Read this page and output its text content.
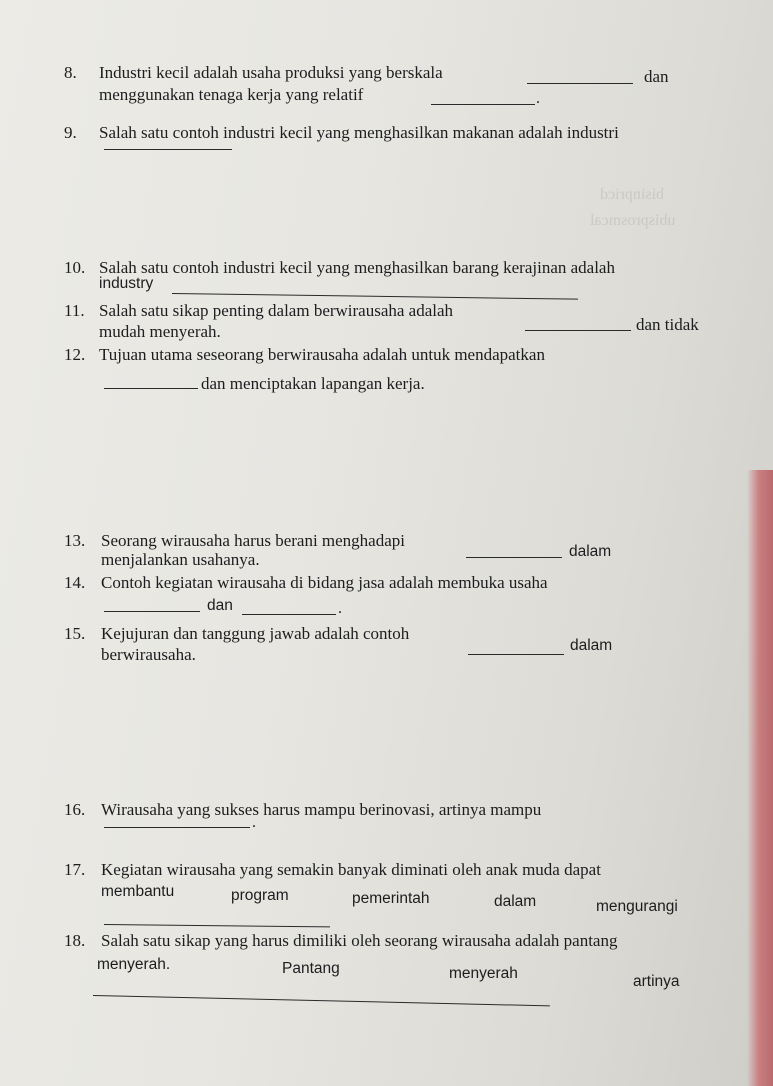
bisinpricd
ubisprosmcal
8. Industri kecil adalah usaha produksi yang berskala	dan
menggunakan tenaga kerja yang relatif	.
9. Salah satu contoh industri kecil yang menghasilkan makanan adalah industri
10. Salah satu contoh industri kecil yang menghasilkan barang kerajinan adalah
industry
11. Salah satu sikap penting dalam berwirausaha adalah
dan tidak
mudah menyerah.
12. Tujuan utama seseorang berwirausaha adalah untuk mendapatkan
dan menciptakan lapangan kerja.
13. Seorang wirausaha harus berani menghadapi
dalam
menjalankan usahanya.
14. Contoh kegiatan wirausaha di bidang jasa adalah membuka usaha
dan	.
15. Kejujuran dan tanggung jawab adalah contoh
dalam
berwirausaha.
16. Wirausaha yang sukses harus mampu berinovasi, artinya mampu
.
17. Kegiatan wirausaha yang semakin banyak diminati oleh anak muda dapat
membantu	program	pemerintah	dalam	mengurangi
18. Salah satu sikap yang harus dimiliki oleh seorang wirausaha adalah pantang
menyerah.	Pantang	menyerah	artinya
